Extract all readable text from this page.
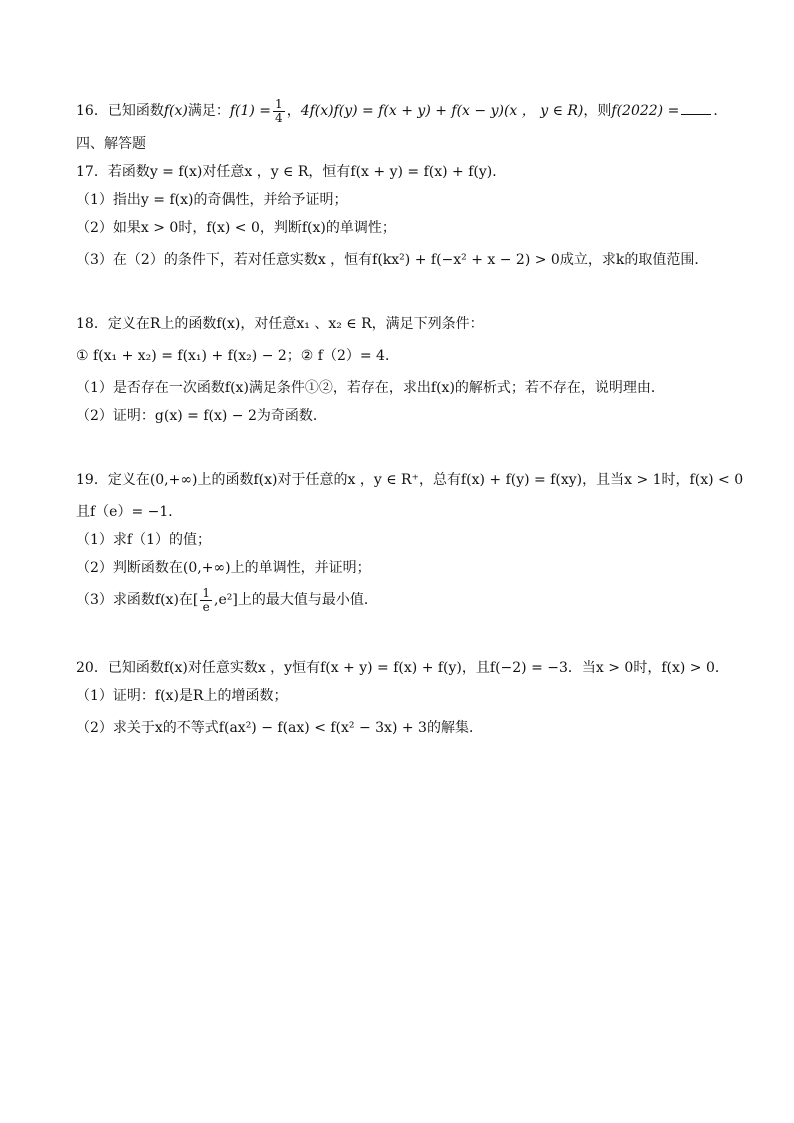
16．已知函数f(x)满足：$f(1) = \frac{1}{4}$ ，4f(x)f(y) = f(x + y) + f(x − y)(x ， y ∈ R)，则f(2022) = ．
四、解答题
17．若函数y = f(x)对任意x ，y ∈ R，恒有f(x + y) = f(x) + f(y)．
（1）指出y = f(x)的奇偶性，并给予证明；
（2）如果x > 0时，f(x) < 0，判断f(x)的单调性；
（3）在（2）的条件下，若对任意实数x ，恒有f(kx²) + f(−x² + x − 2) > 0成立，求k的取值范围．
18．定义在R上的函数f(x)，对任意x₁ 、x₂ ∈ R，满足下列条件：
① f(x₁ + x₂) = f(x₁) + f(x₂) − 2；② f（2）= 4．
（1）是否存在一次函数f(x)满足条件①②，若存在，求出f(x)的解析式；若不存在，说明理由．
（2）证明：g(x) = f(x) − 2为奇函数．
19．定义在(0,+∞)上的函数f(x)对于任意的x ，y ∈ R⁺，总有f(x) + f(y) = f(xy)，且当x > 1时，f(x) < 0
且f（e）= −1．
（1）求f（1）的值；
（2）判断函数在(0,+∞)上的单调性，并证明；
（3）求函数f(x)在[ $\frac{1}{e} ,e^2$]上的最大值与最小值．
20．已知函数f(x)对任意实数x ，y恒有f(x + y) = f(x) + f(y)，且f(−2) = −3．当x > 0时，f(x) > 0．
（1）证明：f(x)是R上的增函数；
（2）求关于x的不等式f(ax²) − f(ax) < f(x² − 3x) + 3的解集．
